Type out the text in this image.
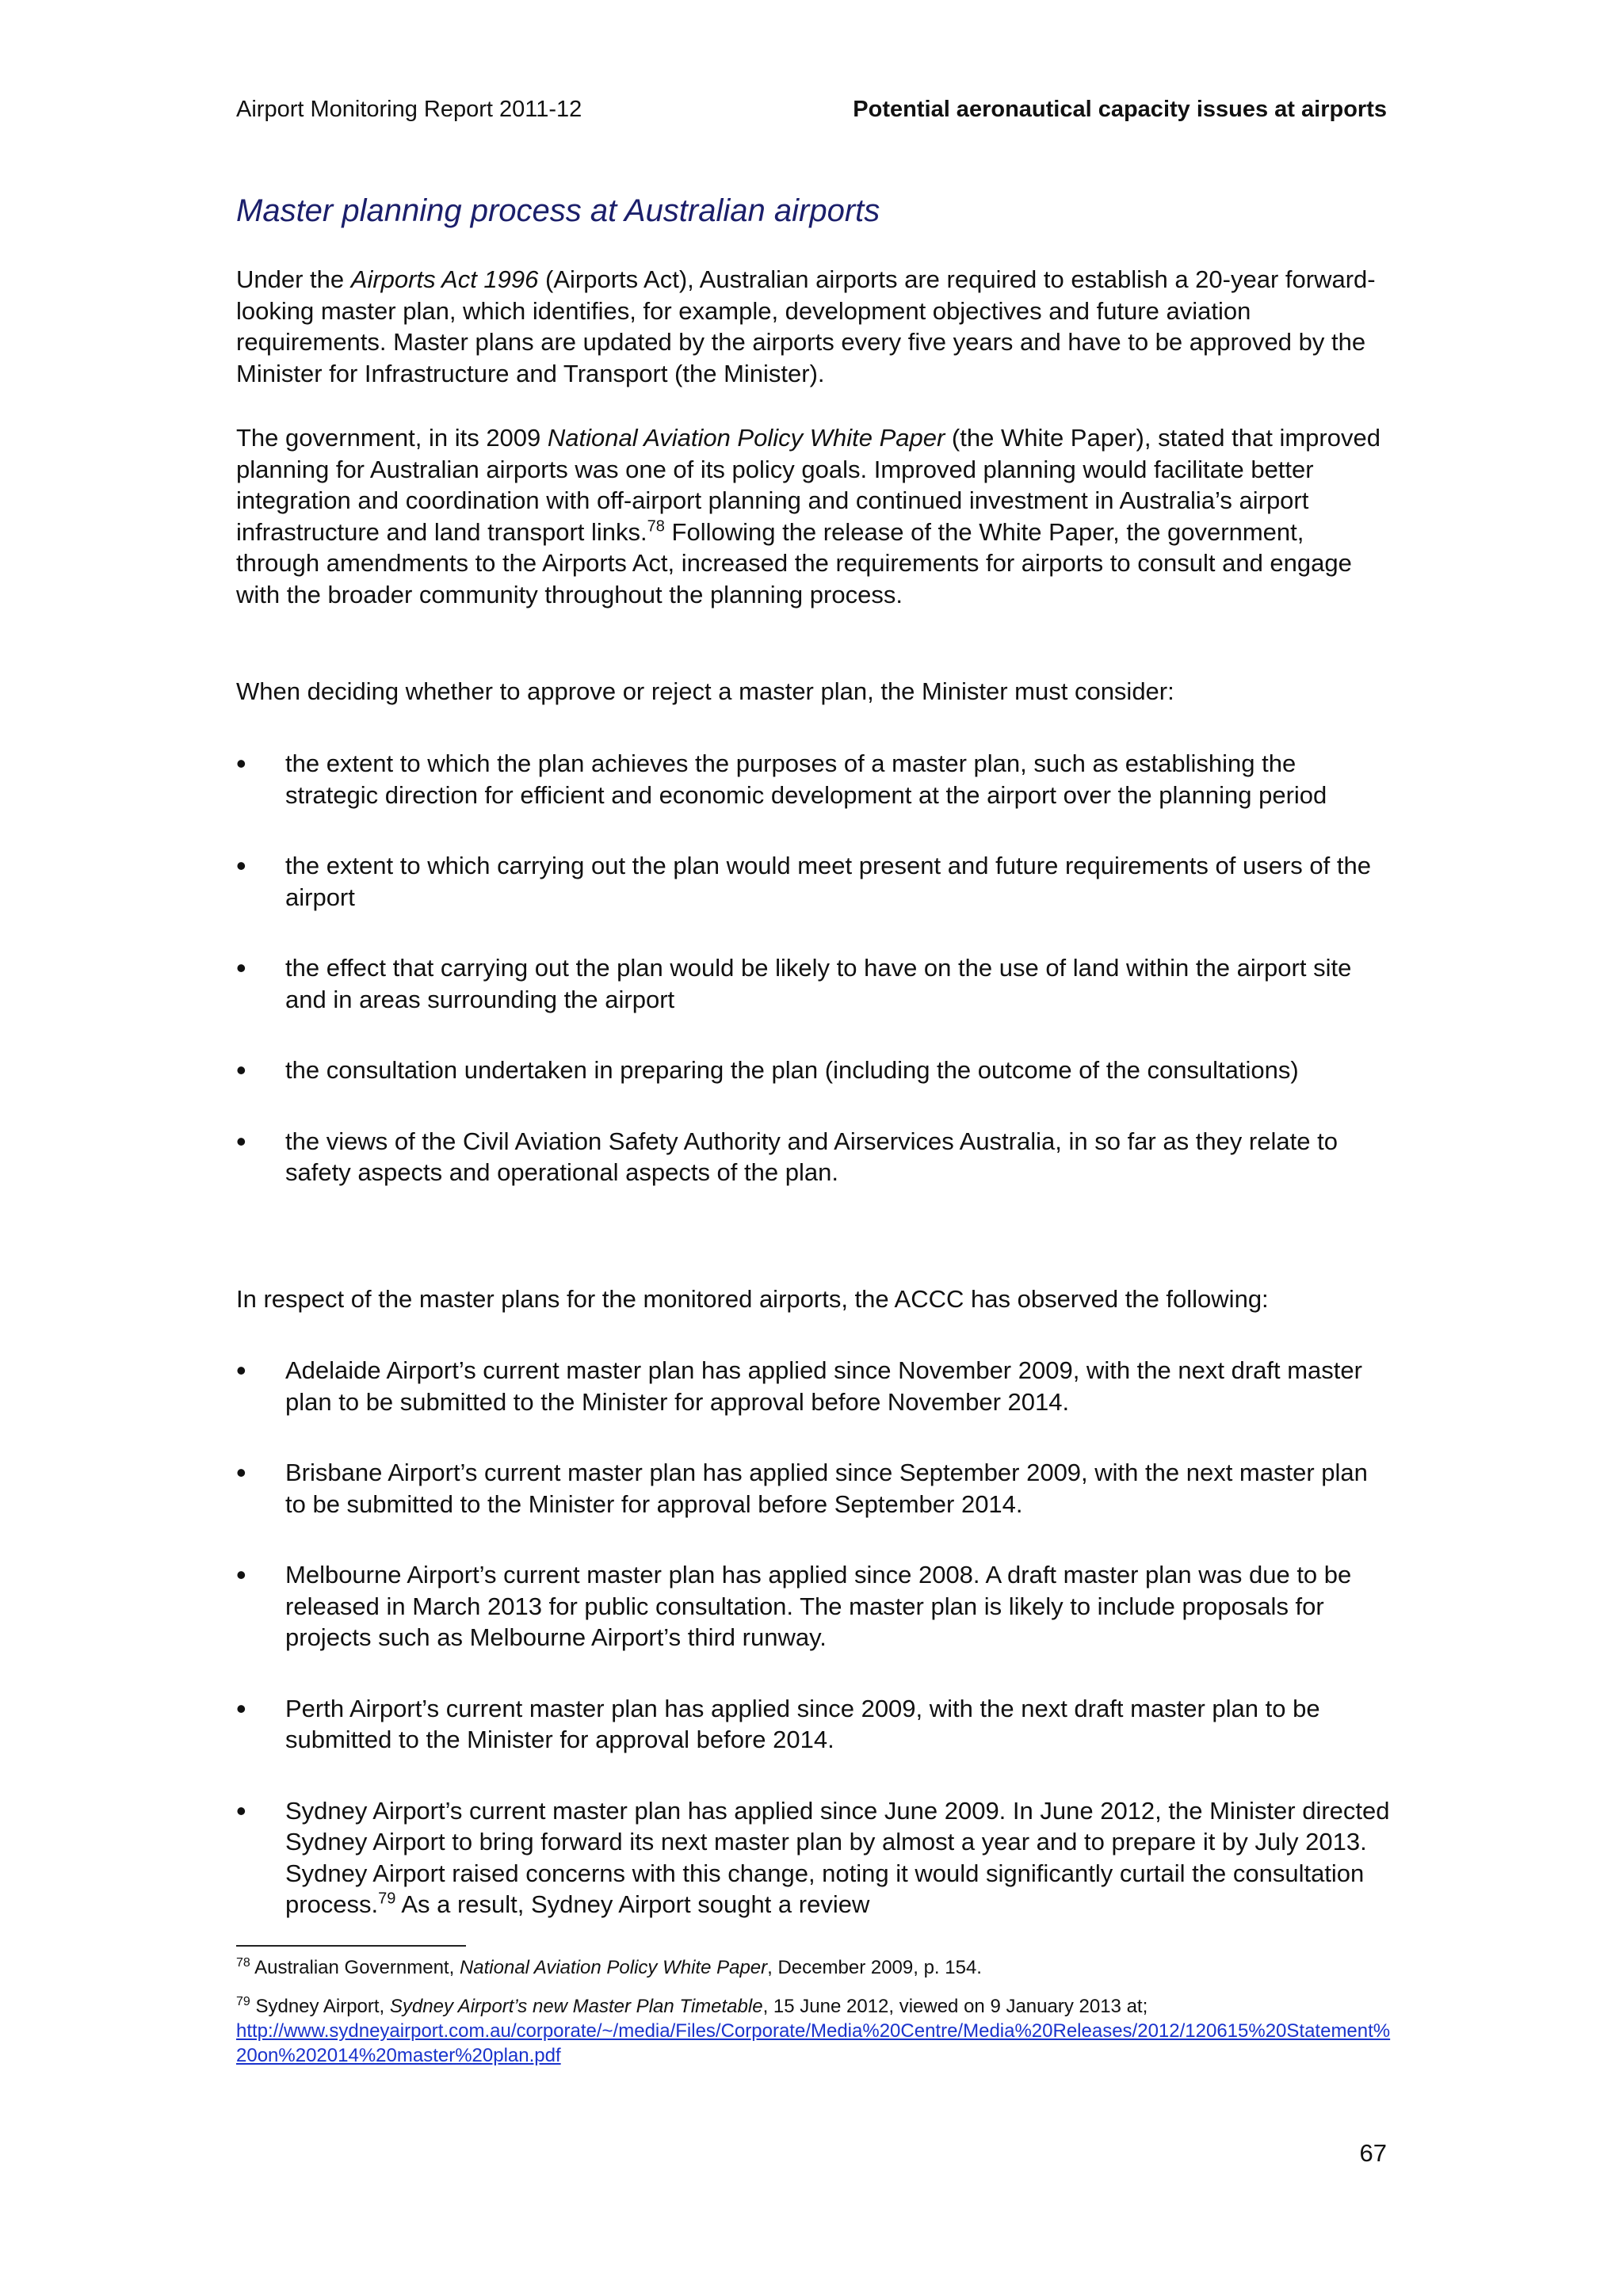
Airport Monitoring Report 2011-12	Potential aeronautical capacity issues at airports
Master planning process at Australian airports

Under the Airports Act 1996 (Airports Act), Australian airports are required to establish a 20-year forward-looking master plan, which identifies, for example, development objectives and future aviation requirements. Master plans are updated by the airports every five years and have to be approved by the Minister for Infrastructure and Transport (the Minister).

The government, in its 2009 National Aviation Policy White Paper (the White Paper), stated that improved planning for Australian airports was one of its policy goals. Improved planning would facilitate better integration and coordination with off-airport planning and continued investment in Australia’s airport infrastructure and land transport links.$^{78}$ Following the release of the White Paper, the government, through amendments to the Airports Act, increased the requirements for airports to consult and engage with the broader community throughout the planning process.

When deciding whether to approve or reject a master plan, the Minister must consider:

• the extent to which the plan achieves the purposes of a master plan, such as establishing the strategic direction for efficient and economic development at the airport over the planning period
• the extent to which carrying out the plan would meet present and future requirements of users of the airport
• the effect that carrying out the plan would be likely to have on the use of land within the airport site and in areas surrounding the airport
• the consultation undertaken in preparing the plan (including the outcome of the consultations)
• the views of the Civil Aviation Safety Authority and Airservices Australia, in so far as they relate to safety aspects and operational aspects of the plan.

In respect of the master plans for the monitored airports, the ACCC has observed the following:

• Adelaide Airport’s current master plan has applied since November 2009, with the next draft master plan to be submitted to the Minister for approval before November 2014.
• Brisbane Airport’s current master plan has applied since September 2009, with the next master plan to be submitted to the Minister for approval before September 2014.
• Melbourne Airport’s current master plan has applied since 2008. A draft master plan was due to be released in March 2013 for public consultation. The master plan is likely to include proposals for projects such as Melbourne Airport’s third runway.
• Perth Airport’s current master plan has applied since 2009, with the next draft master plan to be submitted to the Minister for approval before 2014.
• Sydney Airport’s current master plan has applied since June 2009. In June 2012, the Minister directed Sydney Airport to bring forward its next master plan by almost a year and to prepare it by July 2013. Sydney Airport raised concerns with this change, noting it would significantly curtail the consultation process.$^{79}$ As a result, Sydney Airport sought a review

$^{78}$ Australian Government, National Aviation Policy White Paper, December 2009, p. 154.

$^{79}$ Sydney Airport, Sydney Airport’s new Master Plan Timetable, 15 June 2012, viewed on 9 January 2013 at;
http://www.sydneyairport.com.au/corporate/~/media/Files/Corporate/Media%20Centre/Media%20Releases/2012/120615%20Statement%20on%202014%20master%20plan.pdf

67
